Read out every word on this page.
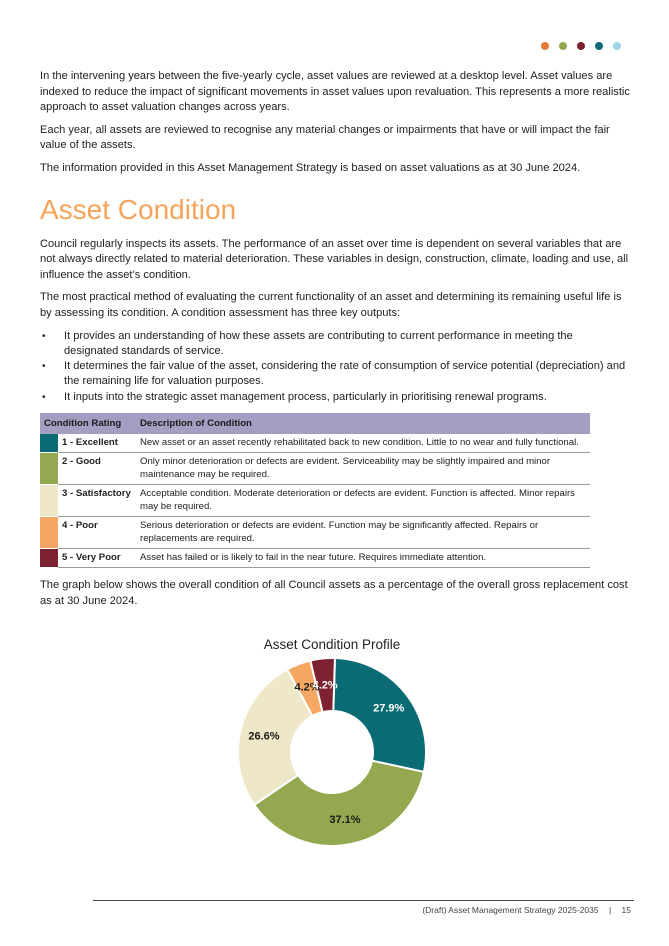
In the intervening years between the five-yearly cycle, asset values are reviewed at a desktop level. Asset values are indexed to reduce the impact of significant movements in asset values upon revaluation. This represents a more realistic approach to asset valuation changes across years.

Each year, all assets are reviewed to recognise any material changes or impairments that have or will impact the fair value of the assets.

The information provided in this Asset Management Strategy is based on asset valuations as at 30 June 2024.

Asset Condition

Council regularly inspects its assets. The performance of an asset over time is dependent on several variables that are not always directly related to material deterioration. These variables in design, construction, climate, loading and use, all influence the asset’s condition.

The most practical method of evaluating the current functionality of an asset and determining its remaining useful life is by assessing its condition. A condition assessment has three key outputs:

• It provides an understanding of how these assets are contributing to current performance in meeting the designated standards of service.
• It determines the fair value of the asset, considering the rate of consumption of service potential (depreciation) and the remaining life for valuation purposes.
• It inputs into the strategic asset management process, particularly in prioritising renewal programs.
Condition Rating		Description of Condition
	1 - Excellent	New asset or an asset recently rehabilitated back to new condition. Little to no wear and fully functional.
	2 - Good	Only minor deterioration or defects are evident. Serviceability may be slightly impaired and minor maintenance may be required.
	3 - Satisfactory	Acceptable condition. Moderate deterioration or defects are evident. Function is affected. Minor repairs may be required.
	4 - Poor	Serious deterioration or defects are evident. Function may be significantly affected. Repairs or replacements are required.
	5 - Very Poor	Asset has failed or is likely to fail in the near future. Requires immediate attention.

The graph below shows the overall condition of all Council assets as a percentage of the overall gross replacement cost as at 30 June 2024.

Asset Condition Profile
27.9%
37.1%
26.6%
4.2%
4.2%
(Draft) Asset Management Strategy 2025-2035 | 15
